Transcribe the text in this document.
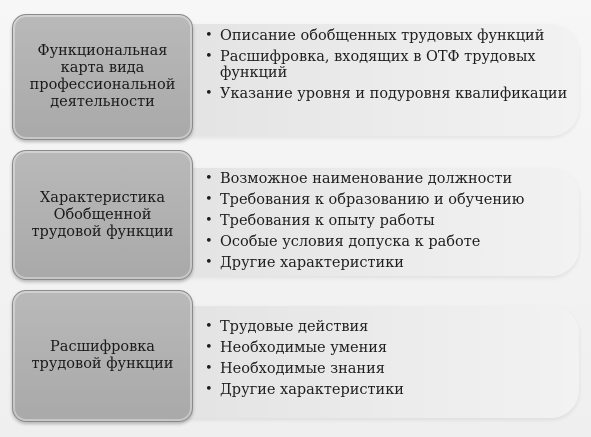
Функциональная карта вида профессиональной деятельности
• Описание обобщенных трудовых функций
• Расшифровка, входящих в ОТФ трудовых функций
• Указание уровня и подуровня квалификации
Характеристика Обобщенной трудовой функции
• Возможное наименование должности
• Требования к образованию и обучению
• Требования к опыту работы
• Особые условия допуска к работе
• Другие характеристики
Расшифровка трудовой функции
• Трудовые действия
• Необходимые умения
• Необходимые знания
• Другие характеристики
